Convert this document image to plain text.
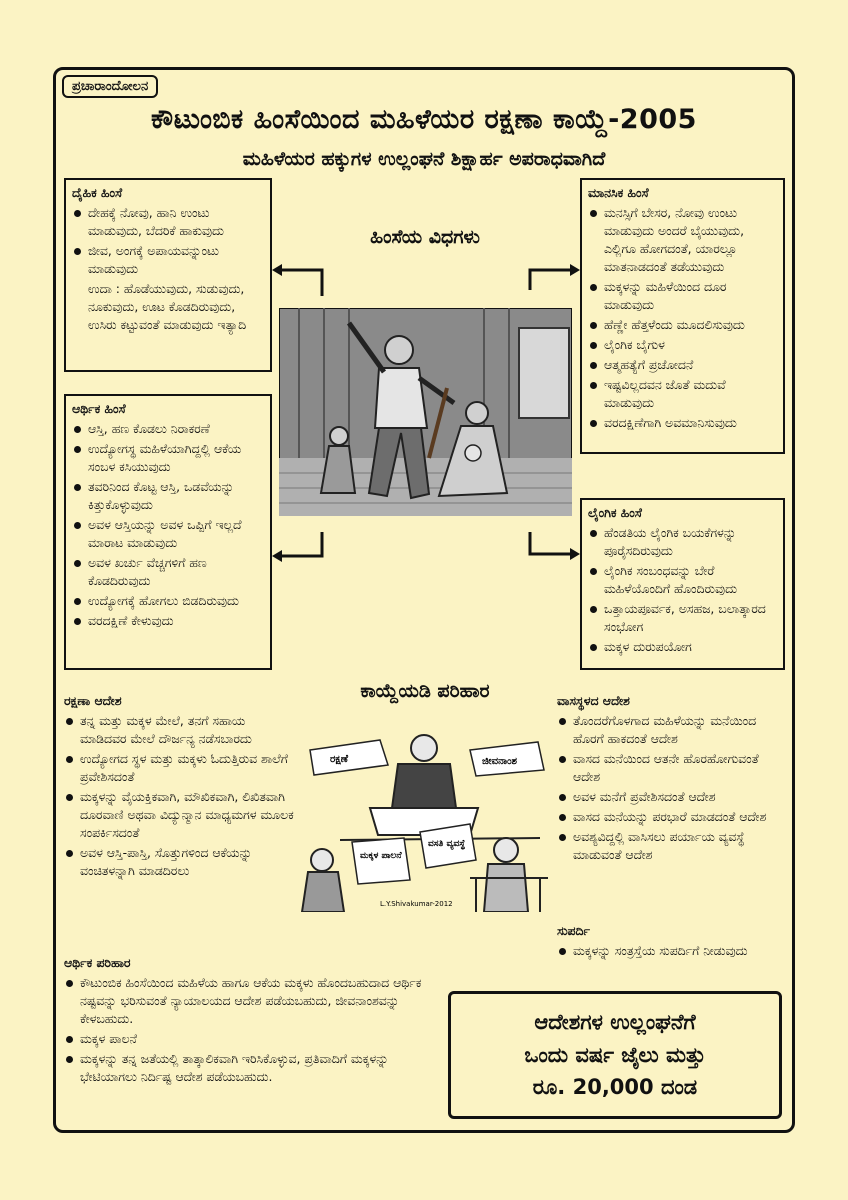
ಪ್ರಚಾರಾಂದೋಲನ
ಕೌಟುಂಬಿಕ ಹಿಂಸೆಯಿಂದ ಮಹಿಳೆಯರ ರಕ್ಷಣಾ ಕಾಯ್ದೆ-2005
ಮಹಿಳೆಯರ ಹಕ್ಕುಗಳ ಉಲ್ಲಂಘನೆ ಶಿಕ್ಷಾರ್ಹ ಅಪರಾಧವಾಗಿದೆ
ದೈಹಿಕ ಹಿಂಸೆ
ದೇಹಕ್ಕೆ ನೋವು, ಹಾನಿ ಉಂಟು ಮಾಡುವುದು, ಬೆದರಿಕೆ ಹಾಕುವುದು
ಜೀವ, ಅಂಗಕ್ಕೆ ಅಪಾಯವನ್ನುಂಟು ಮಾಡುವುದು
ಉದಾ : ಹೊಡೆಯುವುದು, ಸುಡುವುದು, ನೂಕುವುದು, ಊಟ ಕೊಡದಿರುವುದು, ಉಸಿರು ಕಟ್ಟುವಂತೆ ಮಾಡುವುದು ಇತ್ಯಾದಿ
ಆರ್ಥಿಕ ಹಿಂಸೆ
ಆಸ್ತಿ, ಹಣ ಕೊಡಲು ನಿರಾಕರಣೆ
ಉದ್ಯೋಗಸ್ಥ ಮಹಿಳೆಯಾಗಿದ್ದಲ್ಲಿ ಆಕೆಯ ಸಂಬಳ ಕಸಿಯುವುದು
ತವರಿನಿಂದ ಕೊಟ್ಟ ಆಸ್ತಿ, ಒಡವೆಯನ್ನು ಕಿತ್ತುಕೊಳ್ಳುವುದು
ಅವಳ ಆಸ್ತಿಯನ್ನು ಅವಳ ಒಪ್ಪಿಗೆ ಇಲ್ಲದೆ ಮಾರಾಟ ಮಾಡುವುದು
ಅವಳ ಖರ್ಚು ವೆಚ್ಚಗಳಿಗೆ ಹಣ ಕೊಡದಿರುವುದು
ಉದ್ಯೋಗಕ್ಕೆ ಹೋಗಲು ಬಿಡದಿರುವುದು
ವರದಕ್ಷಿಣೆ ಕೇಳುವುದು
ಮಾನಸಿಕ ಹಿಂಸೆ
ಮನಸ್ಸಿಗೆ ಬೇಸರ, ನೋವು ಉಂಟು ಮಾಡುವುದು ಅಂದರೆ ಬೈಯುವುದು, ಎಲ್ಲಿಗೂ ಹೋಗದಂತೆ, ಯಾರಲ್ಲೂ ಮಾತನಾಡದಂತೆ ತಡೆಯುವುದು
ಮಕ್ಕಳನ್ನು ಮಹಿಳೆಯಿಂದ ದೂರ ಮಾಡುವುದು
ಹೆಣ್ಣೇ ಹೆತ್ತಳೆಂದು ಮೂದಲಿಸುವುದು
ಲೈಂಗಿಕ ಬೈಗುಳ
ಆತ್ಮಹತ್ಯೆಗೆ ಪ್ರಚೋದನೆ
ಇಷ್ಟವಿಲ್ಲದವನ ಜೊತೆ ಮದುವೆ ಮಾಡುವುದು
ವರದಕ್ಷಿಣೆಗಾಗಿ ಅವಮಾನಿಸುವುದು
ಲೈಂಗಿಕ ಹಿಂಸೆ
ಹೆಂಡತಿಯ ಲೈಂಗಿಕ ಬಯಕೆಗಳನ್ನು ಪೂರೈಸದಿರುವುದು
ಲೈಂಗಿಕ ಸಂಬಂಧವನ್ನು ಬೇರೆ ಮಹಿಳೆಯೊಂದಿಗೆ ಹೊಂದಿರುವುದು
ಒತ್ತಾಯಪೂರ್ವಕ, ಅಸಹಜ, ಬಲಾತ್ಕಾರದ ಸಂಭೋಗ
ಮಕ್ಕಳ ದುರುಪಯೋಗ
ಹಿಂಸೆಯ ವಿಧಗಳು
ಕಾಯ್ದೆಯಡಿ ಪರಿಹಾರ
ರಕ್ಷಣಾ ಆದೇಶ
ತನ್ನ ಮತ್ತು ಮಕ್ಕಳ ಮೇಲೆ, ತನಗೆ ಸಹಾಯ ಮಾಡಿದವರ ಮೇಲೆ ದೌರ್ಜನ್ಯ ನಡೆಸಬಾರದು
ಉದ್ಯೋಗದ ಸ್ಥಳ ಮತ್ತು ಮಕ್ಕಳು ಓದುತ್ತಿರುವ ಶಾಲೆಗೆ ಪ್ರವೇಶಿಸದಂತೆ
ಮಕ್ಕಳನ್ನು ವೈಯಕ್ತಿಕವಾಗಿ, ಮೌಖಿಕವಾಗಿ, ಲಿಖಿತವಾಗಿ ದೂರವಾಣಿ ಅಥವಾ ವಿದ್ಯುನ್ಮಾನ ಮಾಧ್ಯಮಗಳ ಮೂಲಕ ಸಂಪರ್ಕಿಸದಂತೆ
ಅವಳ ಆಸ್ತಿ-ಪಾಸ್ತಿ, ಸೊತ್ತುಗಳಿಂದ ಆಕೆಯನ್ನು ವಂಚಿತಳನ್ನಾಗಿ ಮಾಡದಿರಲು
ರಕ್ಷಣೆ	ಜೀವನಾಂಶ
ಮಕ್ಕಳ ಪಾಲನೆ
ವಸತಿ ವ್ಯವಸ್ಥೆ
L.Y.Shivakumar-2012
ಆರ್ಥಿಕ ಪರಿಹಾರ
ಕೌಟುಂಬಿಕ ಹಿಂಸೆಯಿಂದ ಮಹಿಳೆಯ ಹಾಗೂ ಆಕೆಯ ಮಕ್ಕಳು ಹೊಂದಬಹುದಾದ ಆರ್ಥಿಕ ನಷ್ಟವನ್ನು ಭರಿಸುವಂತೆ ನ್ಯಾಯಾಲಯದ ಆದೇಶ ಪಡೆಯಬಹುದು, ಜೀವನಾಂಶವನ್ನು ಕೇಳಬಹುದು.
ಮಕ್ಕಳ ಪಾಲನೆ
ಮಕ್ಕಳನ್ನು ತನ್ನ ಜತೆಯಲ್ಲಿ ತಾತ್ಕಾಲಿಕವಾಗಿ ಇರಿಸಿಕೊಳ್ಳುವ, ಪ್ರತಿವಾದಿಗೆ ಮಕ್ಕಳನ್ನು ಭೇಟಿಯಾಗಲು ನಿರ್ದಿಷ್ಟ ಆದೇಶ ಪಡೆಯಬಹುದು.
ವಾಸಸ್ಥಳದ ಆದೇಶ
ತೊಂದರೆಗೊಳಗಾದ ಮಹಿಳೆಯನ್ನು ಮನೆಯಿಂದ ಹೊರಗೆ ಹಾಕದಂತೆ ಆದೇಶ
ವಾಸದ ಮನೆಯಿಂದ ಆತನೇ ಹೊರಹೋಗುವಂತೆ ಆದೇಶ
ಅವಳ ಮನೆಗೆ ಪ್ರವೇಶಿಸದಂತೆ ಆದೇಶ
ವಾಸದ ಮನೆಯನ್ನು ಪರಭಾರೆ ಮಾಡದಂತೆ ಆದೇಶ
ಅವಶ್ಯವಿದ್ದಲ್ಲಿ ವಾಸಿಸಲು ಪರ್ಯಾಯ ವ್ಯವಸ್ಥೆ ಮಾಡುವಂತೆ ಆದೇಶ
ಸುಪರ್ದಿ
ಮಕ್ಕಳನ್ನು ಸಂತ್ರಸ್ತೆಯ ಸುಪರ್ದಿಗೆ ನೀಡುವುದು
ಆದೇಶಗಳ ಉಲ್ಲಂಘನೆಗೆ
ಒಂದು ವರ್ಷ ಜೈಲು ಮತ್ತು
ರೂ. 20,000 ದಂಡ
